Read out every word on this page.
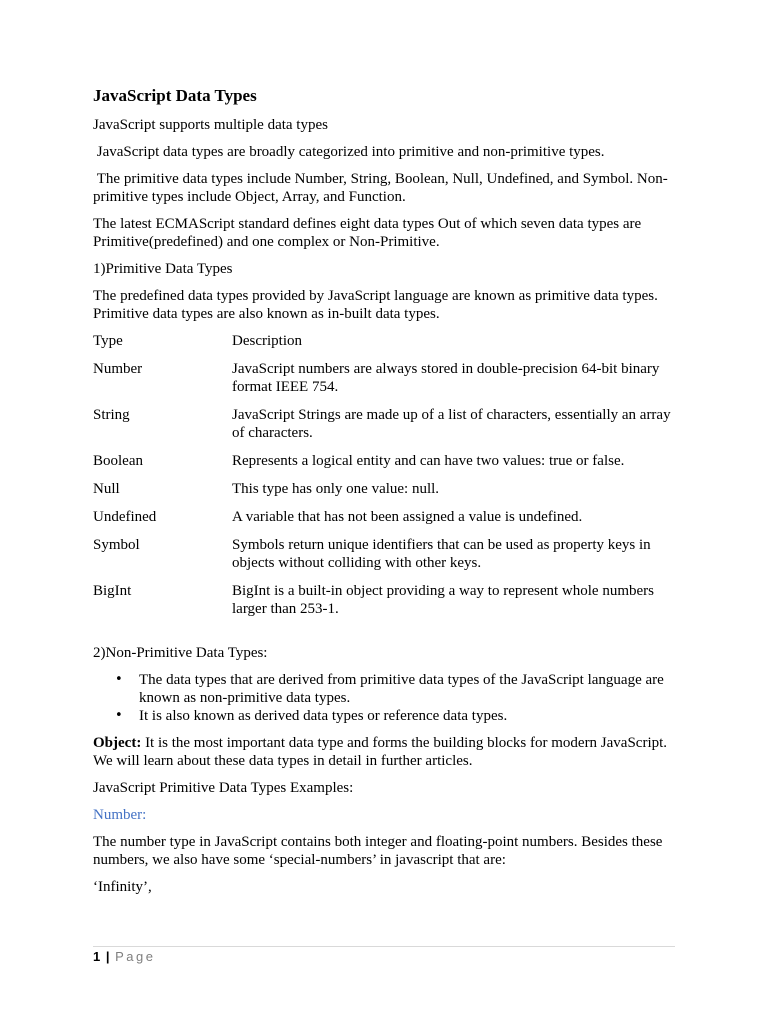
JavaScript Data Types

JavaScript supports multiple data types

JavaScript data types are broadly categorized into primitive and non-primitive types.

The primitive data types include Number, String, Boolean, Null, Undefined, and Symbol. Non-primitive types include Object, Array, and Function.

The latest ECMAScript standard defines eight data types Out of which seven data types are Primitive(predefined) and one complex or Non-Primitive.

1)Primitive Data Types

The predefined data types provided by JavaScript language are known as primitive data types. Primitive data types are also known as in-built data types.

Type	Description
Number	JavaScript numbers are always stored in double-precision 64-bit binary format IEEE 754.
String	JavaScript Strings are made up of a list of characters, essentially an array of characters.
Boolean	Represents a logical entity and can have two values: true or false.
Null	This type has only one value: null.
Undefined	A variable that has not been assigned a value is undefined.
Symbol	Symbols return unique identifiers that can be used as property keys in objects without colliding with other keys.
BigInt	BigInt is a built-in object providing a way to represent whole numbers larger than 253-1.

2)Non-Primitive Data Types:

• The data types that are derived from primitive data types of the JavaScript language are known as non-primitive data types.
• It is also known as derived data types or reference data types.

Object: It is the most important data type and forms the building blocks for modern JavaScript. We will learn about these data types in detail in further articles.

JavaScript Primitive Data Types Examples:

Number:

The number type in JavaScript contains both integer and floating-point numbers. Besides these numbers, we also have some ‘special-numbers’ in javascript that are:

‘Infinity’,

1 | Page
